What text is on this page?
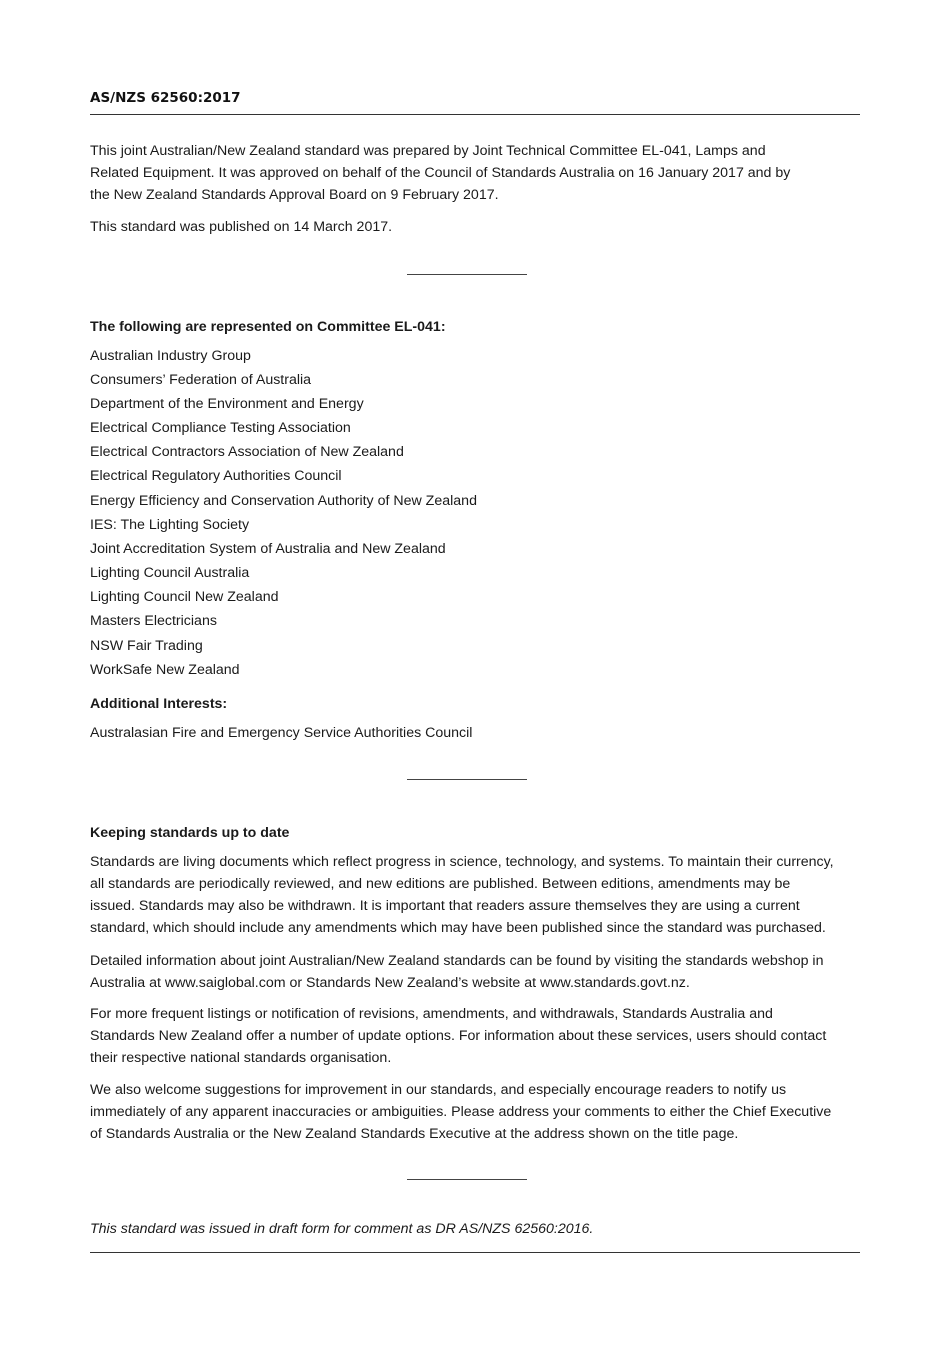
AS/NZS 62560:2017

This joint Australian/New Zealand standard was prepared by Joint Technical Committee EL-041, Lamps and

Related Equipment. It was approved on behalf of the Council of Standards Australia on 16 January 2017 and by

the New Zealand Standards Approval Board on 9 February 2017.

This standard was published on 14 March 2017.

The following are represented on Committee EL-041:

Australian Industry Group
Consumers’ Federation of Australia
Department of the Environment and Energy
Electrical Compliance Testing Association
Electrical Contractors Association of New Zealand
Electrical Regulatory Authorities Council
Energy Efficiency and Conservation Authority of New Zealand
IES: The Lighting Society
Joint Accreditation System of Australia and New Zealand
Lighting Council Australia
Lighting Council New Zealand
Masters Electricians
NSW Fair Trading
WorkSafe New Zealand

Additional Interests:

Australasian Fire and Emergency Service Authorities Council

Keeping standards up to date

Standards are living documents which reflect progress in science, technology, and systems. To maintain their currency,

all standards are periodically reviewed, and new editions are published. Between editions, amendments may be

issued. Standards may also be withdrawn. It is important that readers assure themselves they are using a current

standard, which should include any amendments which may have been published since the standard was purchased.

Detailed information about joint Australian/New Zealand standards can be found by visiting the standards webshop in

Australia at www.saiglobal.com or Standards New Zealand’s website at www.standards.govt.nz.

For more frequent listings or notification of revisions, amendments, and withdrawals, Standards Australia and

Standards New Zealand offer a number of update options. For information about these services, users should contact

their respective national standards organisation.

We also welcome suggestions for improvement in our standards, and especially encourage readers to notify us

immediately of any apparent inaccuracies or ambiguities. Please address your comments to either the Chief Executive

of Standards Australia or the New Zealand Standards Executive at the address shown on the title page.

This standard was issued in draft form for comment as DR AS/NZS 62560:2016.
